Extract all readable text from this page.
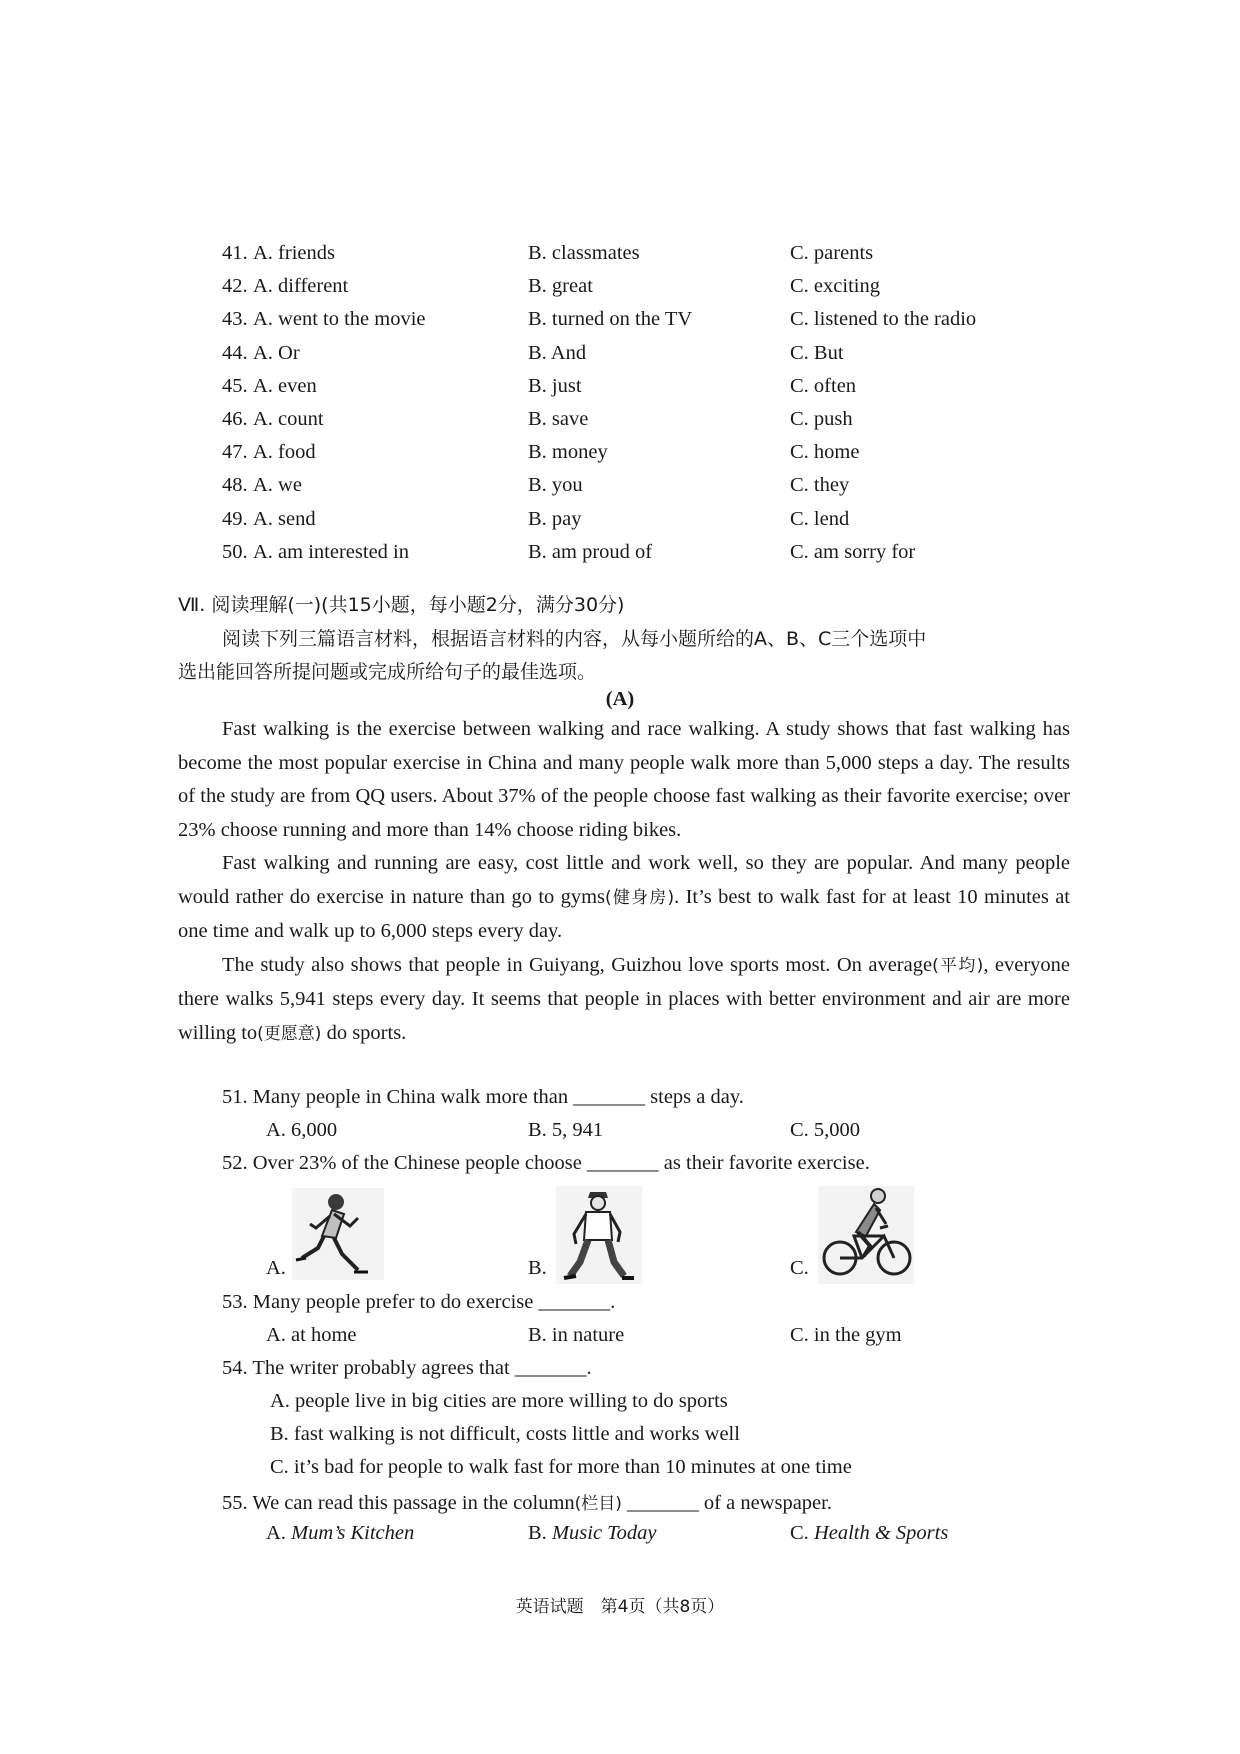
41. A. friends	B. classmates	C. parents
42. A. different	B. great	C. exciting
43. A. went to the movie	B. turned on the TV	C. listened to the radio
44. A. Or	B. And	C. But
45. A. even	B. just	C. often
46. A. count	B. save	C. push
47. A. food	B. money	C. home
48. A. we	B. you	C. they
49. A. send	B. pay	C. lend
50. A. am interested in	B. am proud of	C. am sorry for
Ⅶ. 阅读理解(一)(共15小题，每小题2分，满分30分)
阅读下列三篇语言材料，根据语言材料的内容，从每小题所给的A、B、C三个选项中
选出能回答所提问题或完成所给句子的最佳选项。
(A)

Fast walking is the exercise between walking and race walking. A study shows that fast walking has become the most popular exercise in China and many people walk more than 5,000 steps a day. The results of the study are from QQ users. About 37% of the people choose fast walking as their favorite exercise; over 23% choose running and more than 14% choose riding bikes.

Fast walking and running are easy, cost little and work well, so they are popular. And many people would rather do exercise in nature than go to gyms(健身房). It’s best to walk fast for at least 10 minutes at one time and walk up to 6,000 steps every day.

The study also shows that people in Guiyang, Guizhou love sports most. On average(平均), everyone there walks 5,941 steps every day. It seems that people in places with better environment and air are more willing to(更愿意) do sports.

51. Many people in China walk more than _______ steps a day.
A. 6,000	B. 5, 941	C. 5,000
52. Over 23% of the Chinese people choose _______ as their favorite exercise.
A.	B.	C.
53. Many people prefer to do exercise _______.
A. at home	B. in nature	C. in the gym
54. The writer probably agrees that _______.
A. people live in big cities are more willing to do sports
B. fast walking is not difficult, costs little and works well
C. it’s bad for people to walk fast for more than 10 minutes at one time
55. We can read this passage in the column(栏目) _______ of a newspaper.
A. Mum’s Kitchen	B. Music Today	C. Health & Sports
英语试题　第4页（共8页）
